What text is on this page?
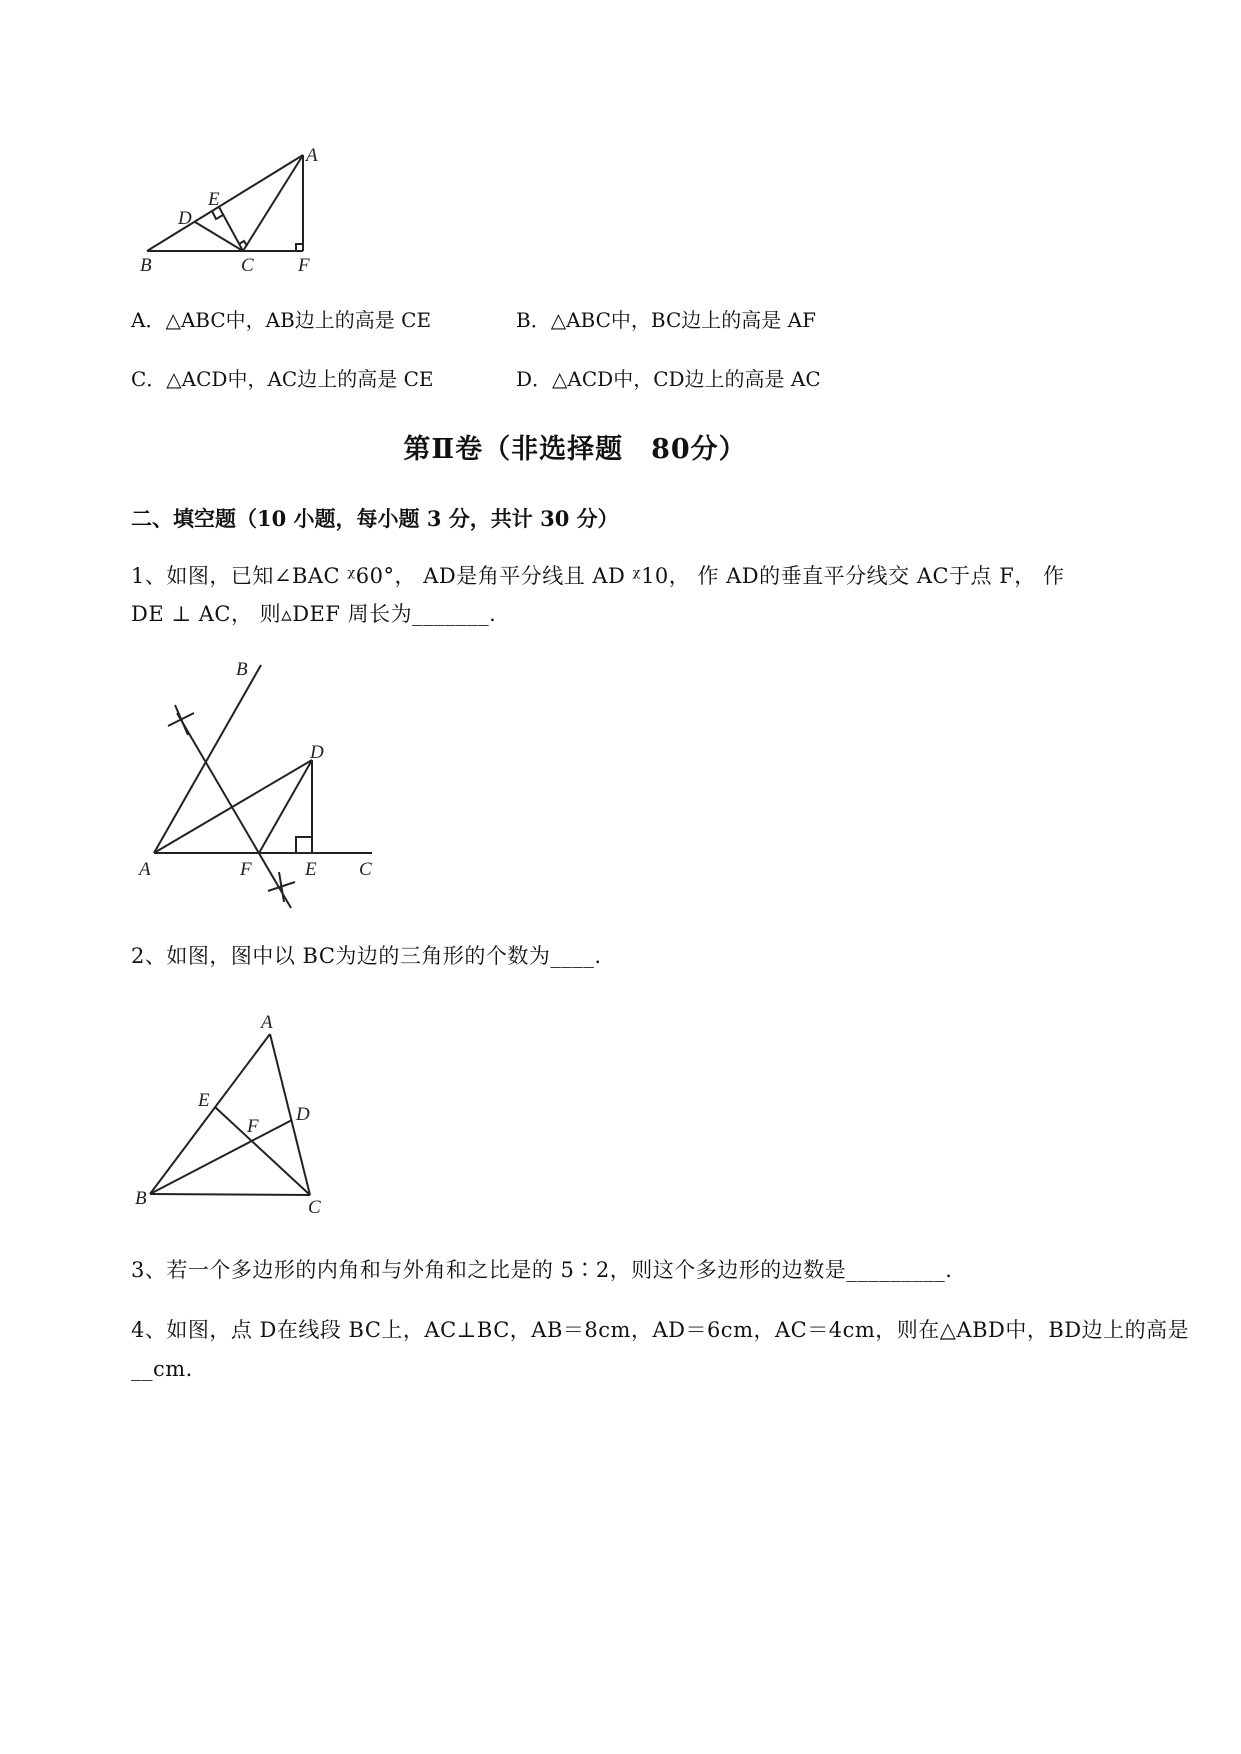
A
B	C
D
E
F
A．△ABC中，AB边上的高是 CE	B．△ABC中，BC边上的高是 AF
C．△ACD中，AC边上的高是 CE	D．△ACD中，CD边上的高是 AC
第Ⅱ卷（非选择题　80分）
二、填空题（10 小题，每小题 3 分，共计 30 分）
1、如图，已知∠BAC ᵡ60°， AD是角平分线且 AD ᵡ10， 作 AD的垂直平分线交 AC于点 F， 作
DE ⊥ AC， 则▵DEF 周长为_______.
B
D
A	F	E C
2、如图，图中以 BC为边的三角形的个数为____.
A
E
D
F
B	C
3、若一个多边形的内角和与外角和之比是的 5∶2，则这个多边形的边数是_________.
4、如图，点 D在线段 BC上，AC⊥BC，AB＝8cm，AD＝6cm，AC＝4cm，则在△ABD中，BD边上的高是
__cm.
